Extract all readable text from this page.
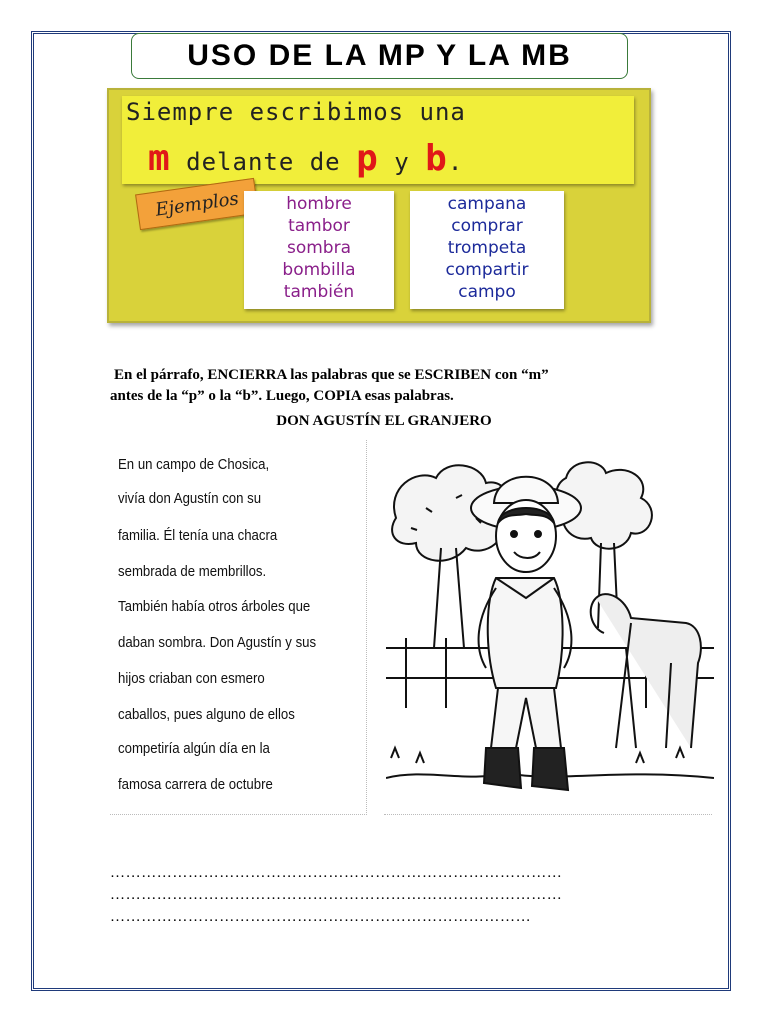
USO DE LA MP Y LA MB
Siempre escribimos una
m delante de p y b.
Ejemplos	hombre
tambor
sombra
bombilla
también
campana
comprar
trompeta
compartir
campo

En el párrafo, ENCIERRA las palabras que se ESCRIBEN con “m”

antes de la “p” o la “b”. Luego, COPIA esas palabras.

DON AGUSTÍN EL GRANJERO

En un campo de Chosica,

vivía don Agustín con su

familia. Él tenía una chacra

sembrada de membrillos.

También había otros árboles que

daban sombra. Don Agustín y sus

hijos criaban con esmero

caballos, pues alguno de ellos

competiría algún día en la

famosa carrera de octubre

……………………………………………………………………………

……………………………………………………………………………

………………………………………………………………………
